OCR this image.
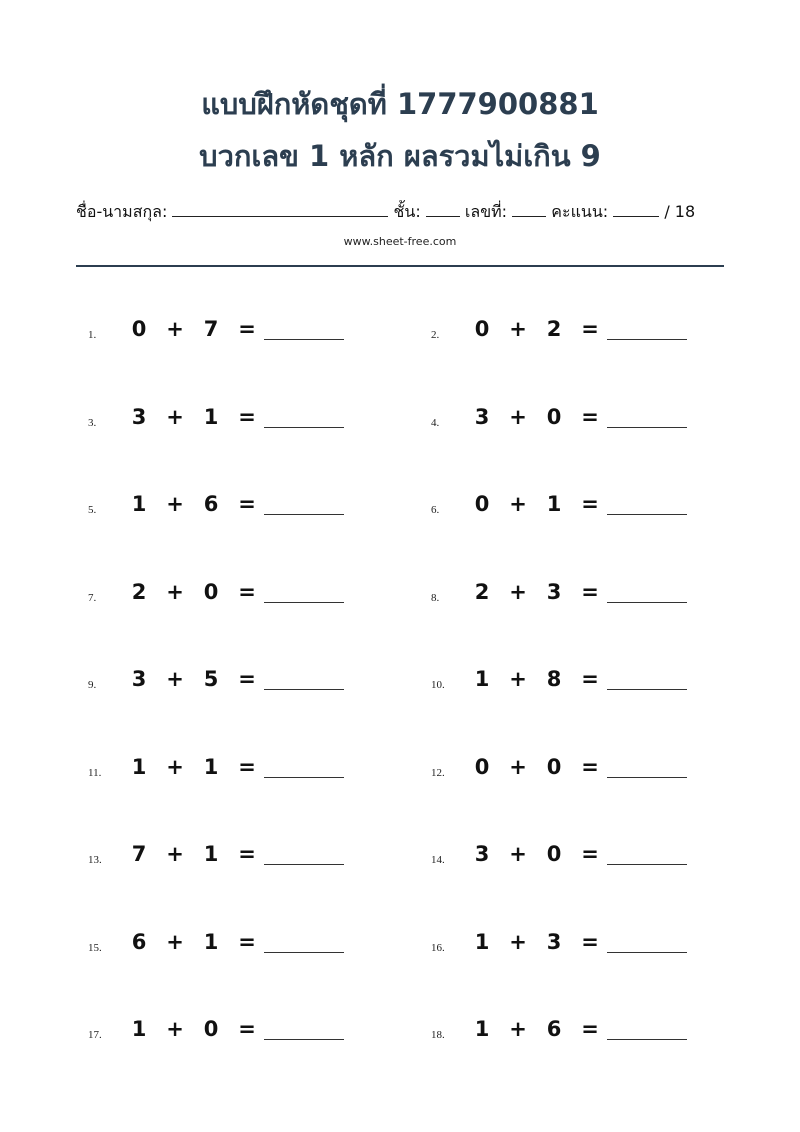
แบบฝึกหัดชุดที่ 1777900881
บวกเลข 1 หลัก ผลรวมไม่เกิน 9
ชื่อ-นามสกุล:	ชั้น:	เลขที่:	คะแนน:	/ 18
www.sheet-free.com
1.	0 + 7 =	2.	0 + 2 =
3.	3 + 1 =	4.	3 + 0 =
5.	1 + 6 =	6.	0 + 1 =
7.	2 + 0 =	8.	2 + 3 =
9.	3 + 5 =	10.	1 + 8 =
11.	1 + 1 =	12.	0 + 0 =
13.	7 + 1 =	14.	3 + 0 =
15.	6 + 1 =	16.	1 + 3 =
17.	1 + 0 =	18.	1 + 6 =
